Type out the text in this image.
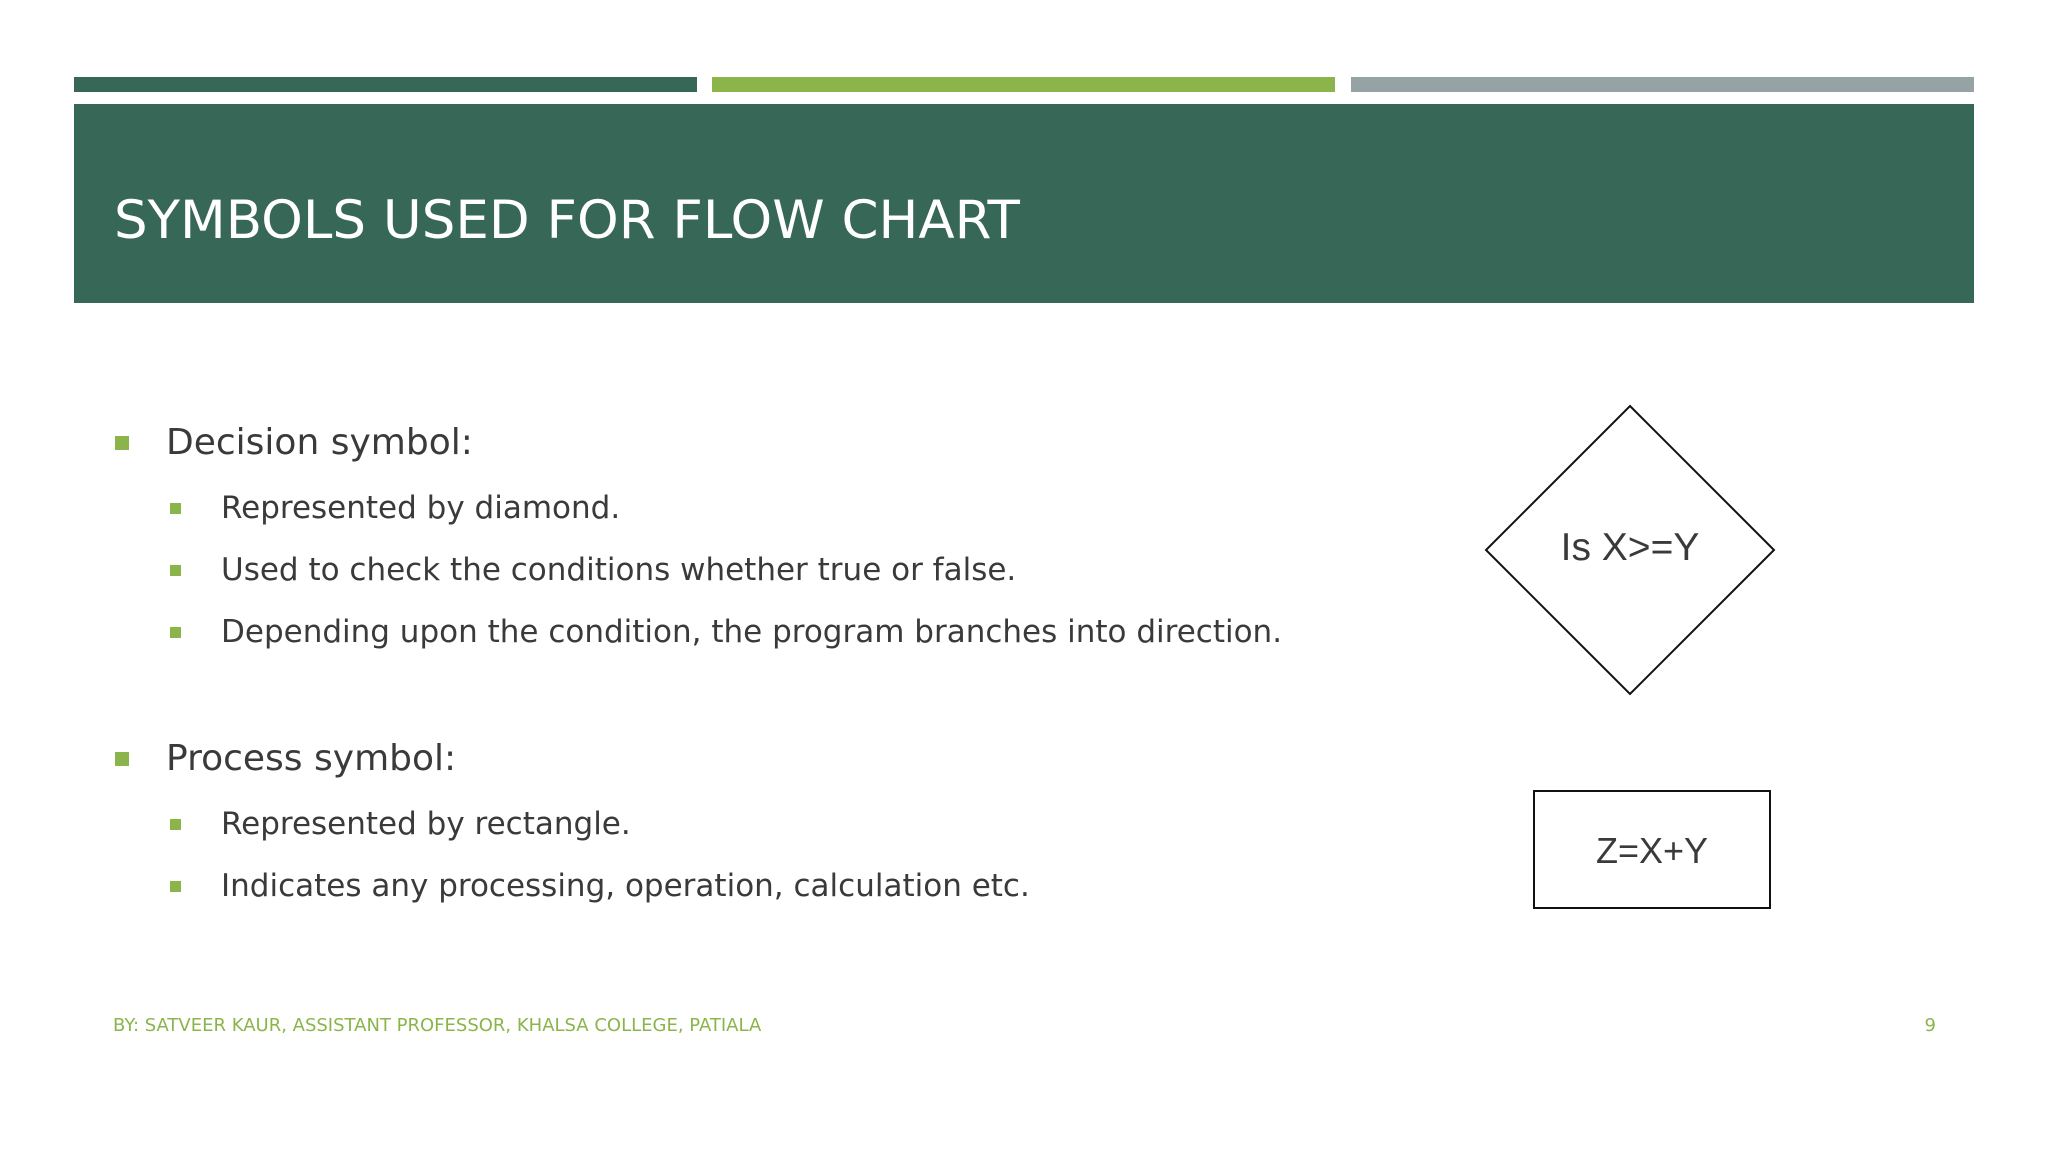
SYMBOLS USED FOR FLOW CHART
Decision symbol:
Represented by diamond.
Used to check the conditions whether true or false.
Depending upon the condition, the program branches into direction.
Process symbol:
Represented by rectangle.
Indicates any processing, operation, calculation etc.
Is X>=Y
Z=X+Y
BY: SATVEER KAUR, ASSISTANT PROFESSOR, KHALSA COLLEGE, PATIALA	9
